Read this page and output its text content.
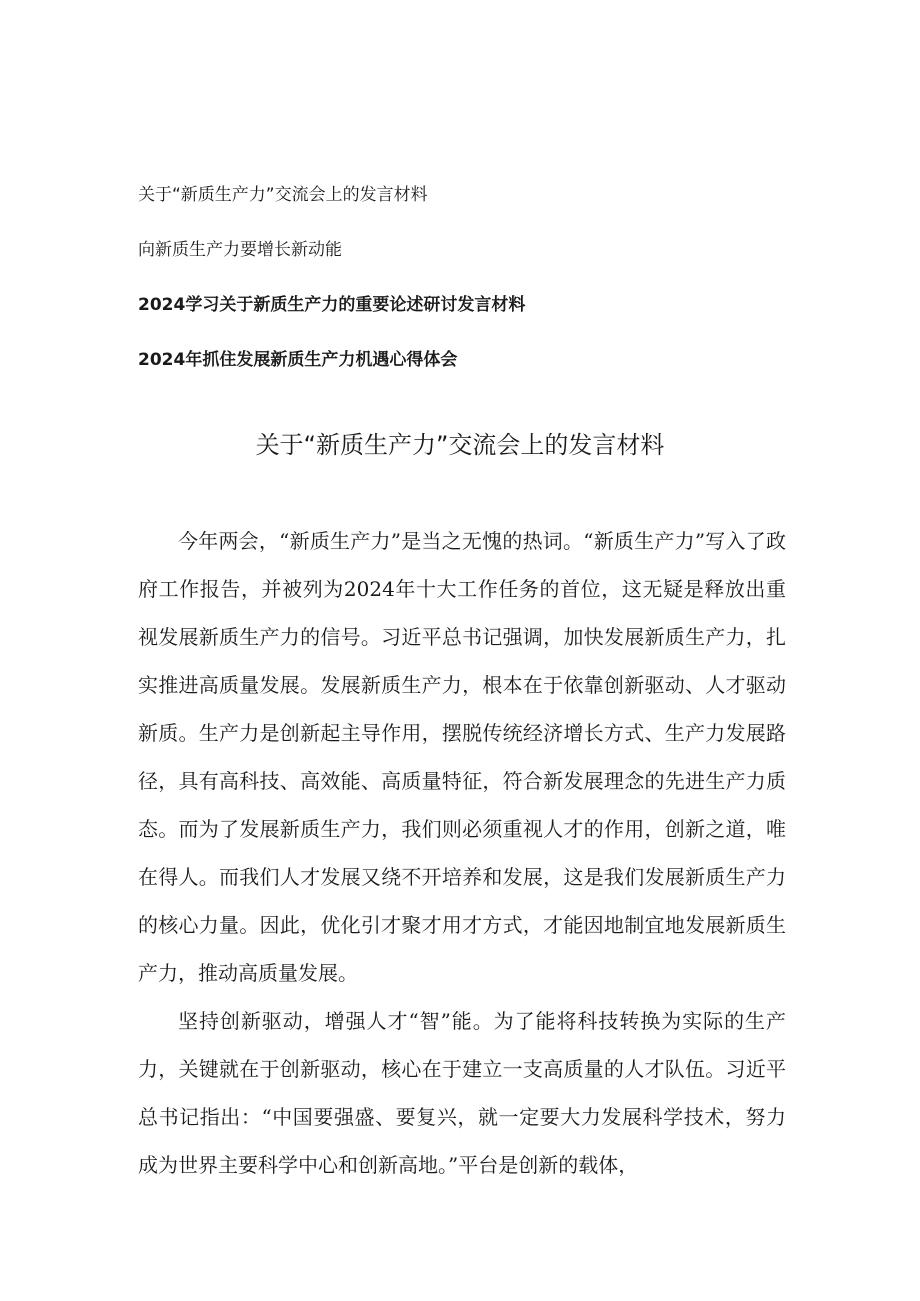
关于“新质生产力”交流会上的发言材料
向新质生产力要增长新动能
2024学习关于新质生产力的重要论述研讨发言材料
2024年抓住发展新质生产力机遇心得体会
关于“新质生产力”交流会上的发言材料

今年两会，“新质生产力”是当之无愧的热词。“新质生产力”写入了政府工作报告，并被列为2024年十大工作任务的首位，这无疑是释放出重视发展新质生产力的信号。习近平总书记强调，加快发展新质生产力，扎实推进高质量发展。发展新质生产力，根本在于依靠创新驱动、人才驱动新质。生产力是创新起主导作用，摆脱传统经济增长方式、生产力发展路径，具有高科技、高效能、高质量特征，符合新发展理念的先进生产力质态。而为了发展新质生产力，我们则必须重视人才的作用，创新之道，唯在得人。而我们人才发展又绕不开培养和发展，这是我们发展新质生产力的核心力量。因此，优化引才聚才用才方式，才能因地制宜地发展新质生产力，推动高质量发展。

坚持创新驱动，增强人才“智”能。为了能将科技转换为实际的生产力，关键就在于创新驱动，核心在于建立一支高质量的人才队伍。习近平总书记指出：“中国要强盛、要复兴，就一定要大力发展科学技术，努力成为世界主要科学中心和创新高地。”平台是创新的载体，
